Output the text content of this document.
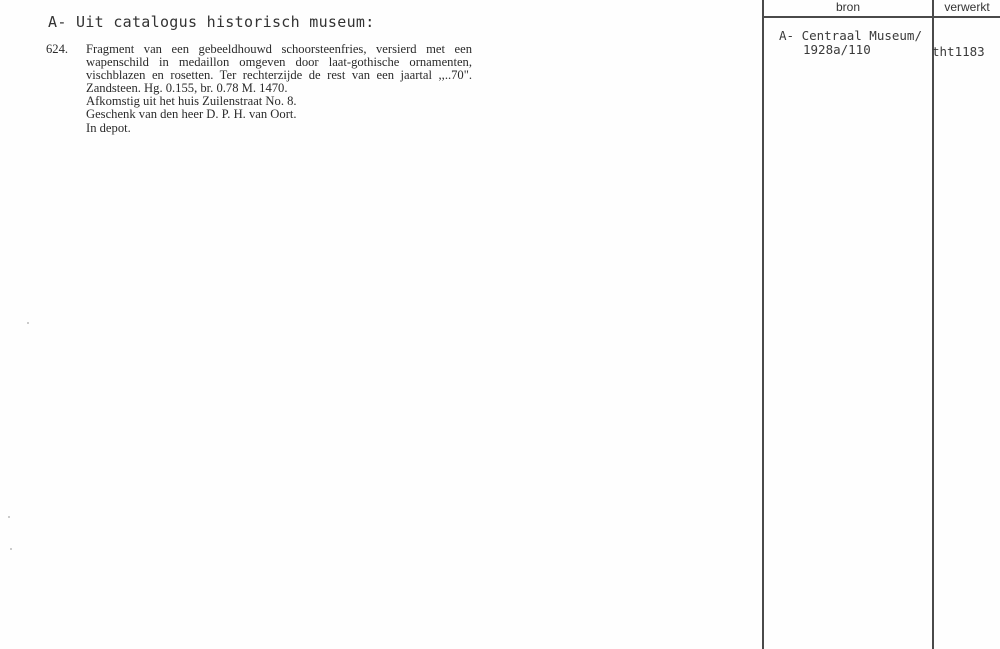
A- Uit catalogus historisch museum:
624. Fragment van een gebeeldhouwd schoorsteenfries, versierd met een
wapenschild in medaillon omgeven door laat-gothische ornamenten,
vischblazen en rosetten. Ter rechterzijde de rest van een jaartal ,,..70".
Zandsteen. Hg. 0.155, br. 0.78 M. 1470.
Afkomstig uit het huis Zuilenstraat No. 8.
Geschenk van den heer D. P. H. van Oort.
In depot.
bron	verwerkt
A- Centraal Museum/
1928a/110	tht1183
